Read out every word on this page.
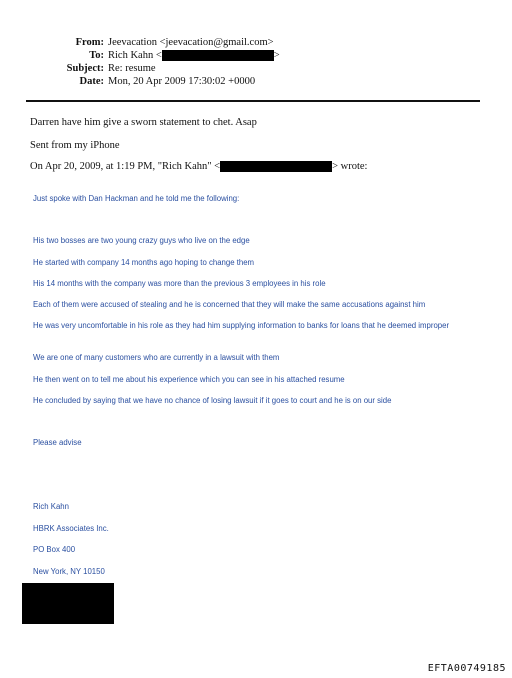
From: Jeevacation <jeevacation@gmail.com>
To: Rich Kahn <	>
Subject: Re: resume
Date: Mon, 20 Apr 2009 17:30:02 +0000
Darren have him give a sworn statement to chet. Asap
Sent from my iPhone
On Apr 20, 2009, at 1:19 PM, "Rich Kahn" <	> wrote:
Just spoke with Dan Hackman and he told me the following:
His two bosses are two young crazy guys who live on the edge
He started with company 14 months ago hoping to change them
His 14 months with the company was more than the previous 3 employees in his role
Each of them were accused of stealing and he is concerned that they will make the same accusations against him
He was very uncomfortable in his role as they had him supplying information to banks for loans that he deemed improper
We are one of many customers who are currently in a lawsuit with them
He then went on to tell me about his experience which you can see in his attached resume
He concluded by saying that we have no chance of losing lawsuit if it goes to court and he is on our side
Please advise
Rich Kahn
HBRK Associates Inc.
PO Box 400
New York, NY 10150
EFTA00749185
